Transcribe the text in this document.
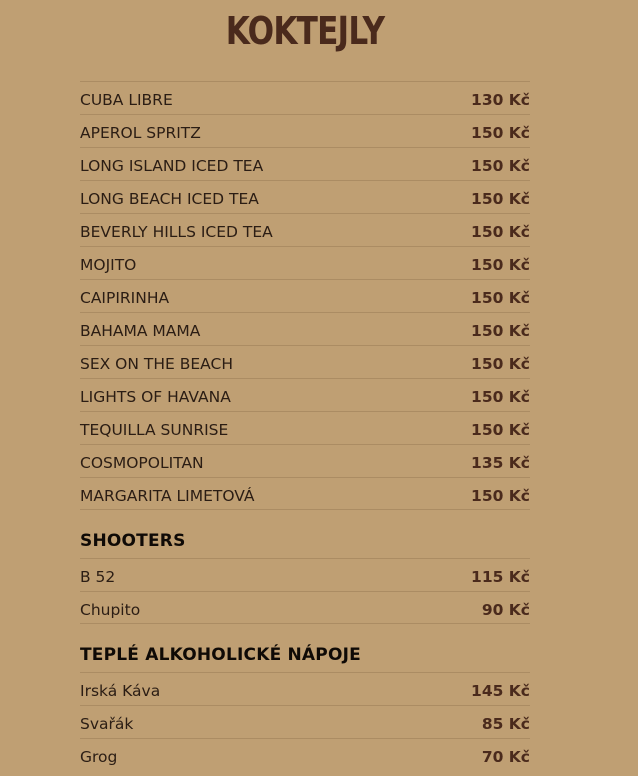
KOKTEJLY
CUBA LIBRE	130 Kč
APEROL SPRITZ	150 Kč
LONG ISLAND ICED TEA	150 Kč
LONG BEACH ICED TEA	150 Kč
BEVERLY HILLS ICED TEA	150 Kč
MOJITO	150 Kč
CAIPIRINHA	150 Kč
BAHAMA MAMA	150 Kč
SEX ON THE BEACH	150 Kč
LIGHTS OF HAVANA	150 Kč
TEQUILLA SUNRISE	150 Kč
COSMOPOLITAN	135 Kč
MARGARITA LIMETOVÁ	150 Kč
SHOOTERS
B 52	115 Kč
Chupito	90 Kč
TEPLÉ ALKOHOLICKÉ NÁPOJE
Irská Káva	145 Kč
Svařák	85 Kč
Grog	70 Kč
